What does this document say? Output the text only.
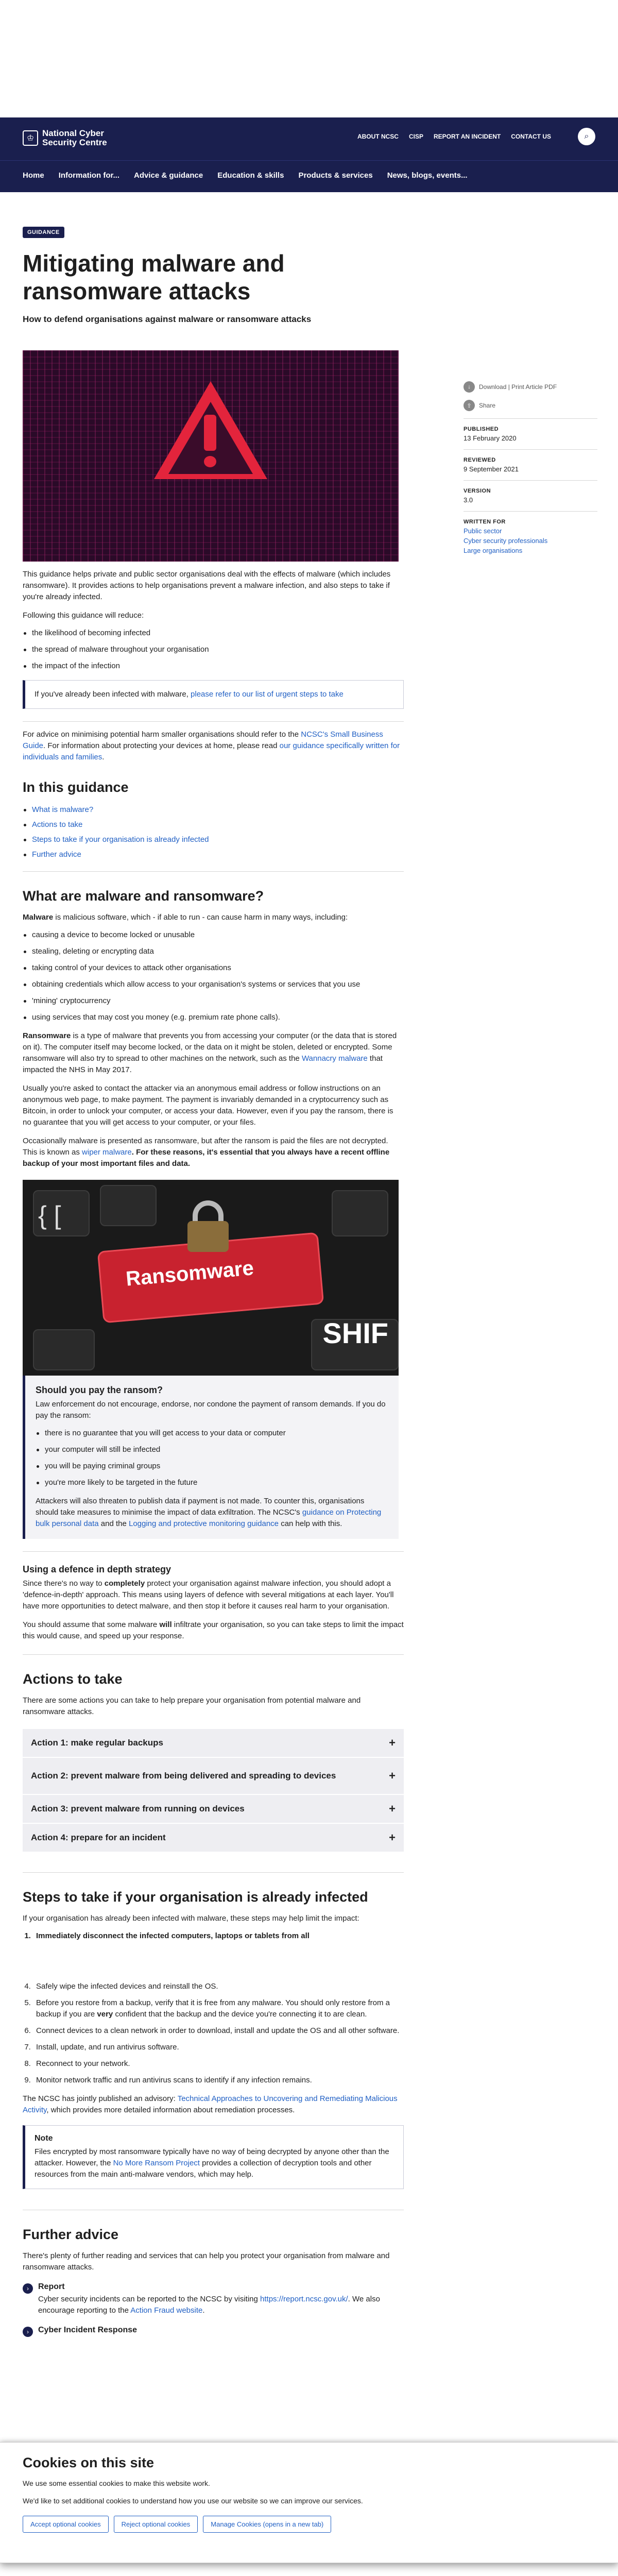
♔
National Cyber Security Centre
ABOUT NCSC CISP REPORT AN INCIDENT CONTACT US	⌕
Home Information for... Advice & guidance Education & skills Products & services News, blogs, events...
GUIDANCE
Mitigating malware and ransomware attacks
How to defend organisations against malware or ransomware attacks

This guidance helps private and public sector organisations deal with the effects of malware (which includes ransomware). It provides actions to help organisations prevent a malware infection, and also steps to take if you're already infected.

Following this guidance will reduce:

the likelihood of becoming infected
the spread of malware throughout your organisation
the impact of the infection
If you've already been infected with malware, please refer to our list of urgent steps to take

For advice on minimising potential harm smaller organisations should refer to the NCSC's Small Business Guide. For information about protecting your devices at home, please read our guidance specifically written for individuals and families.

In this guidance
What is malware?
Actions to take
Steps to take if your organisation is already infected
Further advice
What are malware and ransomware?

Malware is malicious software, which - if able to run - can cause harm in many ways, including:

causing a device to become locked or unusable
stealing, deleting or encrypting data
taking control of your devices to attack other organisations
obtaining credentials which allow access to your organisation's systems or services that you use
'mining' cryptocurrency
using services that may cost you money (e.g. premium rate phone calls).

Ransomware is a type of malware that prevents you from accessing your computer (or the data that is stored on it). The computer itself may become locked, or the data on it might be stolen, deleted or encrypted. Some ransomware will also try to spread to other machines on the network, such as the Wannacry malware that impacted the NHS in May 2017.

Usually you're asked to contact the attacker via an anonymous email address or follow instructions on an anonymous web page, to make payment. The payment is invariably demanded in a cryptocurrency such as Bitcoin, in order to unlock your computer, or access your data. However, even if you pay the ransom, there is no guarantee that you will get access to your computer, or your files.

Occasionally malware is presented as ransomware, but after the ransom is paid the files are not decrypted. This is known as wiper malware. For these reasons, it's essential that you always have a recent offline backup of your most important files and data.

{ [
Ransomware
SHIF
Should you pay the ransom?

Law enforcement do not encourage, endorse, nor condone the payment of ransom demands. If you do pay the ransom:

there is no guarantee that you will get access to your data or computer
your computer will still be infected
you will be paying criminal groups
you're more likely to be targeted in the future

Attackers will also threaten to publish data if payment is not made. To counter this, organisations should take measures to minimise the impact of data exfiltration. The NCSC's guidance on Protecting bulk personal data and the Logging and protective monitoring guidance can help with this.

Using a defence in depth strategy

Since there's no way to completely protect your organisation against malware infection, you should adopt a 'defence-in-depth' approach. This means using layers of defence with several mitigations at each layer. You'll have more opportunities to detect malware, and then stop it before it causes real harm to your organisation.

You should assume that some malware will infiltrate your organisation, so you can take steps to limit the impact this would cause, and speed up your response.

Actions to take

There are some actions you can take to help prepare your organisation from potential malware and ransomware attacks.

Action 1: make regular backups	+
Action 2: prevent malware from being delivered and spreading to devices	+
Action 3: prevent malware from running on devices	+
Action 4: prepare for an incident	+
Steps to take if your organisation is already infected

If your organisation has already been infected with malware, these steps may help limit the impact:

1. Immediately disconnect the infected computers, laptops or tablets from all
4. Safely wipe the infected devices and reinstall the OS.
5. Before you restore from a backup, verify that it is free from any malware. You should only restore from a backup if you are very confident that the backup and the device you're connecting it to are clean.
6. Connect devices to a clean network in order to download, install and update the OS and all other software.
7. Install, update, and run antivirus software.
8. Reconnect to your network.
9. Monitor network traffic and run antivirus scans to identify if any infection remains.

The NCSC has jointly published an advisory: Technical Approaches to Uncovering and Remediating Malicious Activity, which provides more detailed information about remediation processes.

Note

Files encrypted by most ransomware typically have no way of being decrypted by anyone other than the attacker. However, the No More Ransom Project provides a collection of decryption tools and other resources from the main anti-malware vendors, which may help.

Further advice

There's plenty of further reading and services that can help you protect your organisation from malware and ransomware attacks.

›	Report

Cyber security incidents can be reported to the NCSC by visiting https://report.ncsc.gov.uk/. We also encourage reporting to the Action Fraud website.

›	Cyber Incident Response
↓	Download | Print Article PDF
⇪	Share
PUBLISHED
13 February 2020
REVIEWED
9 September 2021
VERSION
3.0
WRITTEN FOR
Public sector
Cyber security professionals
Large organisations
Cookies on this site

We use some essential cookies to make this website work.

We'd like to set additional cookies to understand how you use our website so we can improve our services.

Accept optional cookies	Reject optional cookies	Manage Cookies (opens in a new tab)
